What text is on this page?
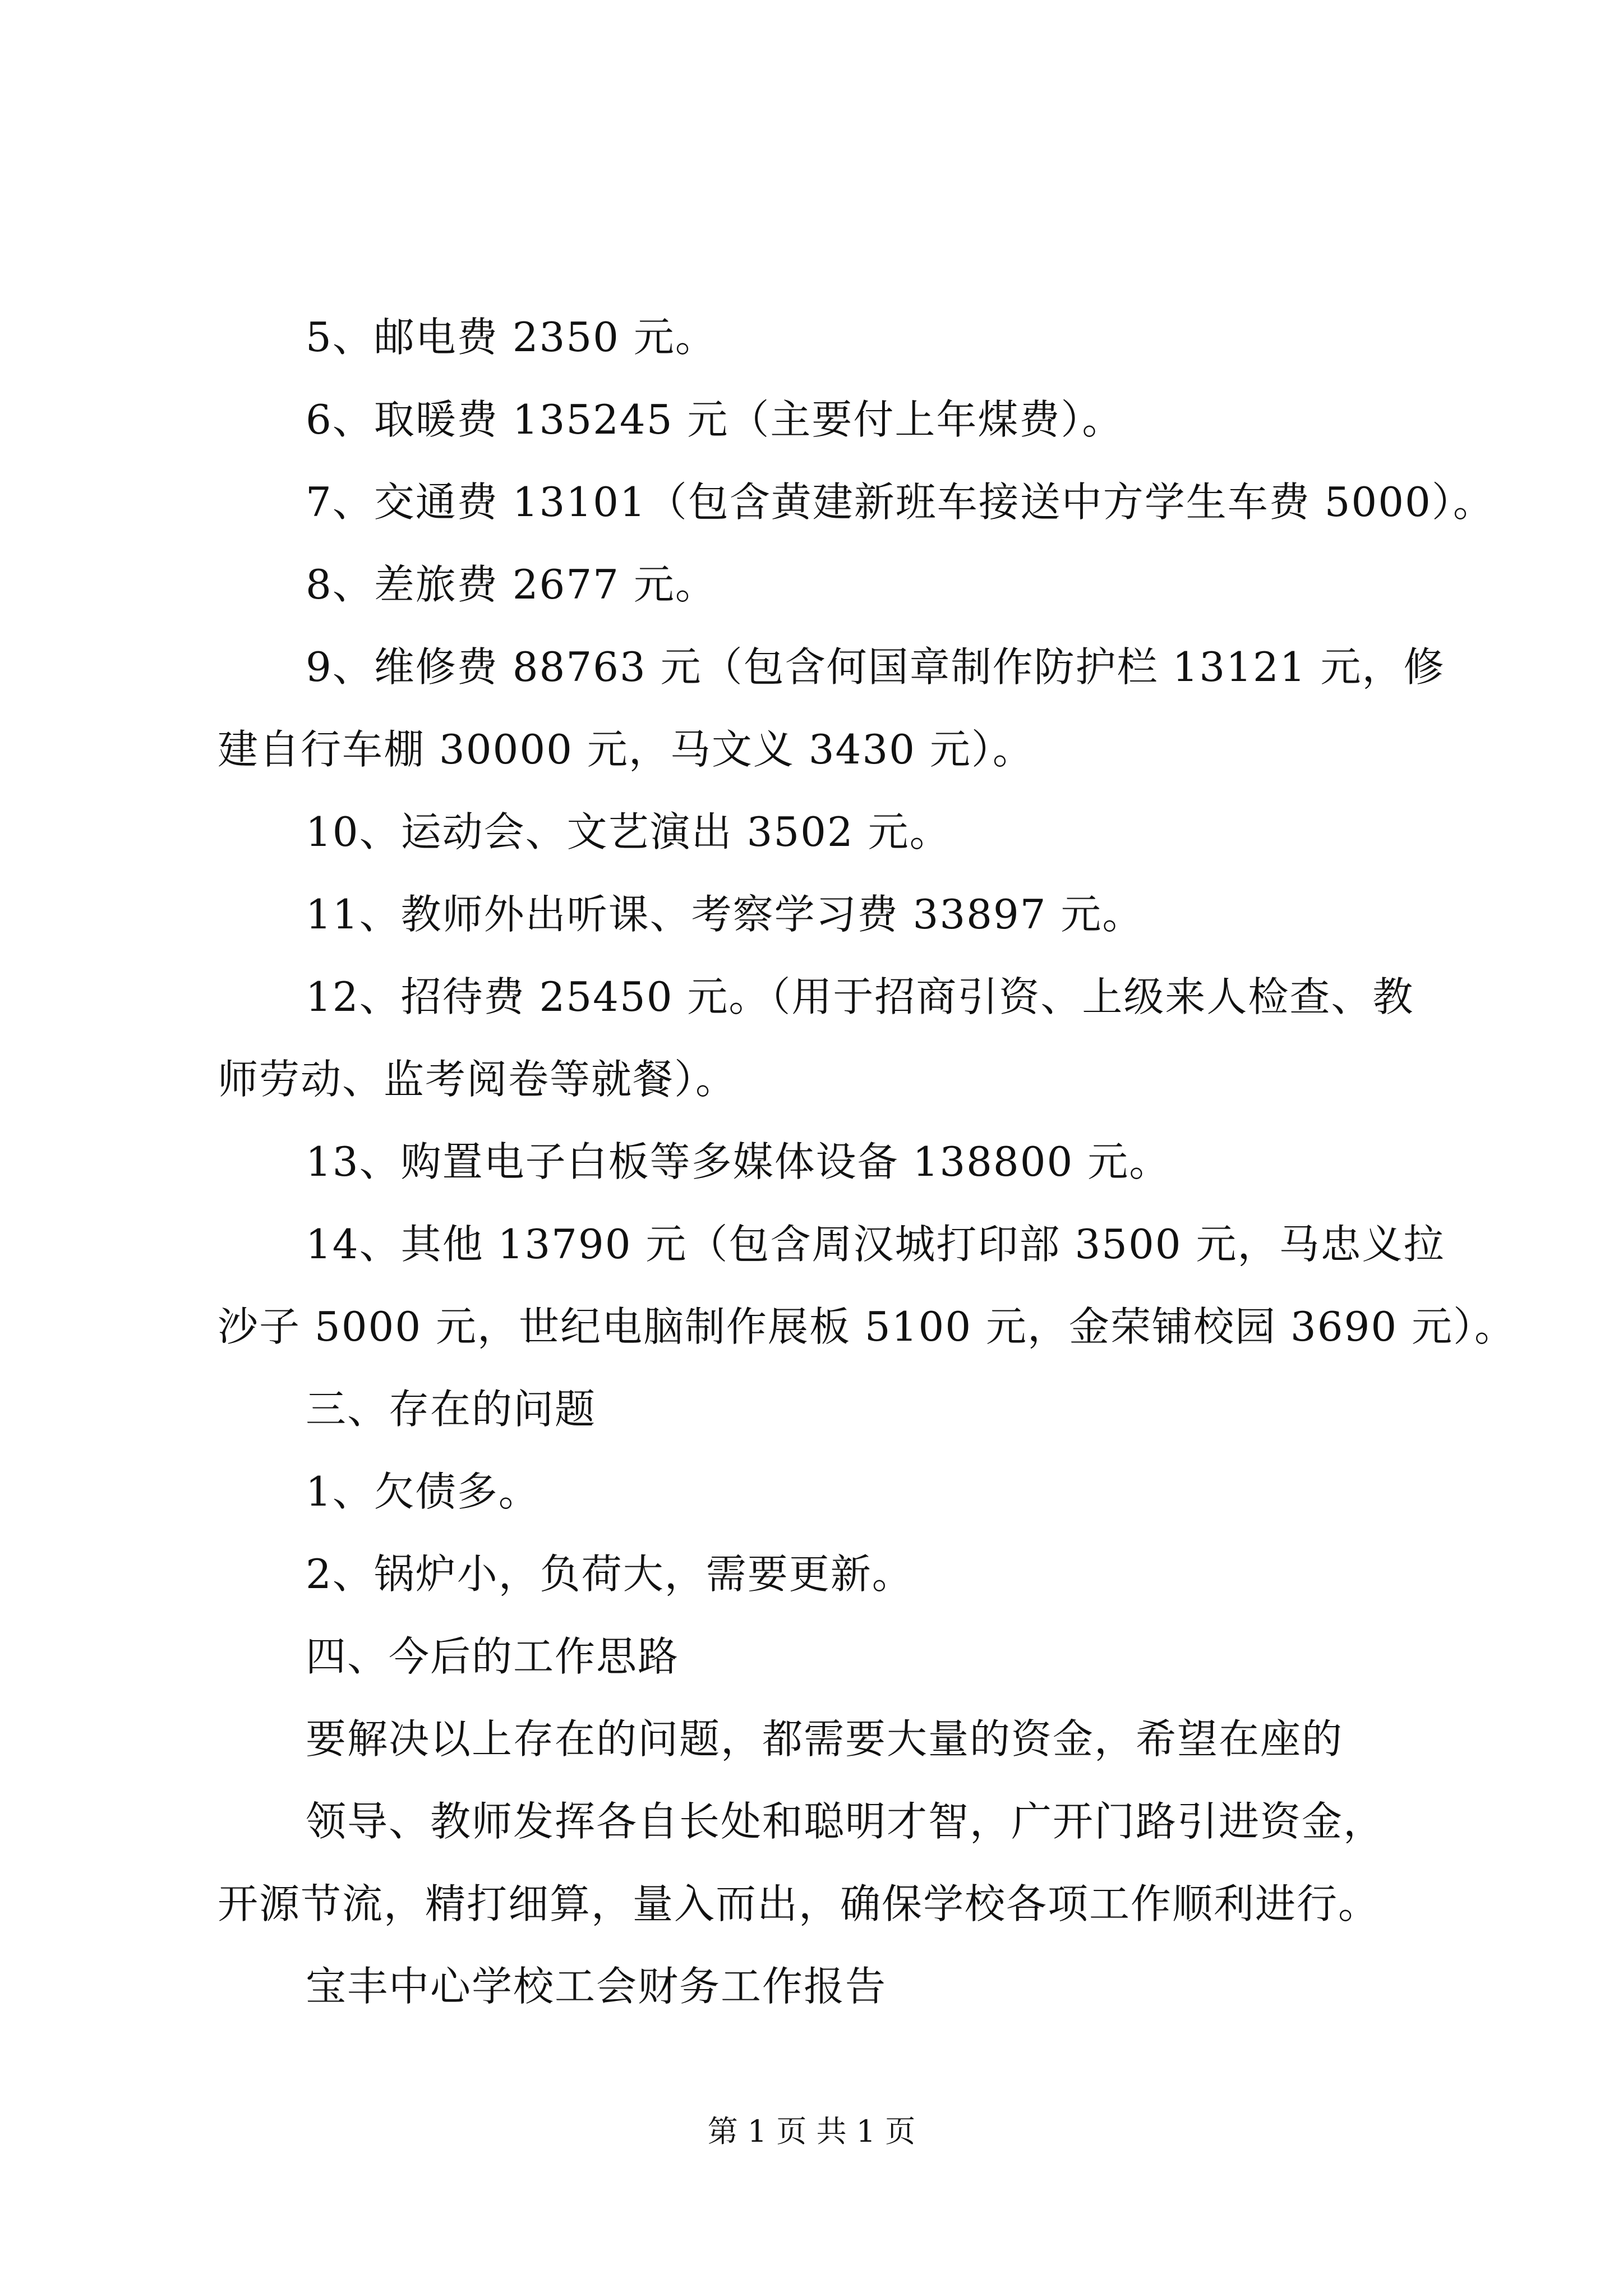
5、邮电费 2350 元。
6、取暖费 135245 元（主要付上年煤费）。
7、交通费 13101（包含黄建新班车接送中方学生车费 5000）。
8、差旅费 2677 元。
9、维修费 88763 元（包含何国章制作防护栏 13121 元，修
建自行车棚 30000 元，马文义 3430 元）。
10、运动会、文艺演出 3502 元。
11、教师外出听课、考察学习费 33897 元。
12、招待费 25450 元。（用于招商引资、上级来人检查、教
师劳动、监考阅卷等就餐）。
13、购置电子白板等多媒体设备 138800 元。
14、其他 13790 元（包含周汉城打印部 3500 元，马忠义拉
沙子 5000 元，世纪电脑制作展板 5100 元，金荣铺校园 3690 元）。
三、存在的问题
1、欠债多。
2、锅炉小，负荷大，需要更新。
四、今后的工作思路
要解决以上存在的问题，都需要大量的资金，希望在座的
领导、教师发挥各自长处和聪明才智，广开门路引进资金，
开源节流，精打细算，量入而出，确保学校各项工作顺利进行。
宝丰中心学校工会财务工作报告
第 1 页 共 1 页
